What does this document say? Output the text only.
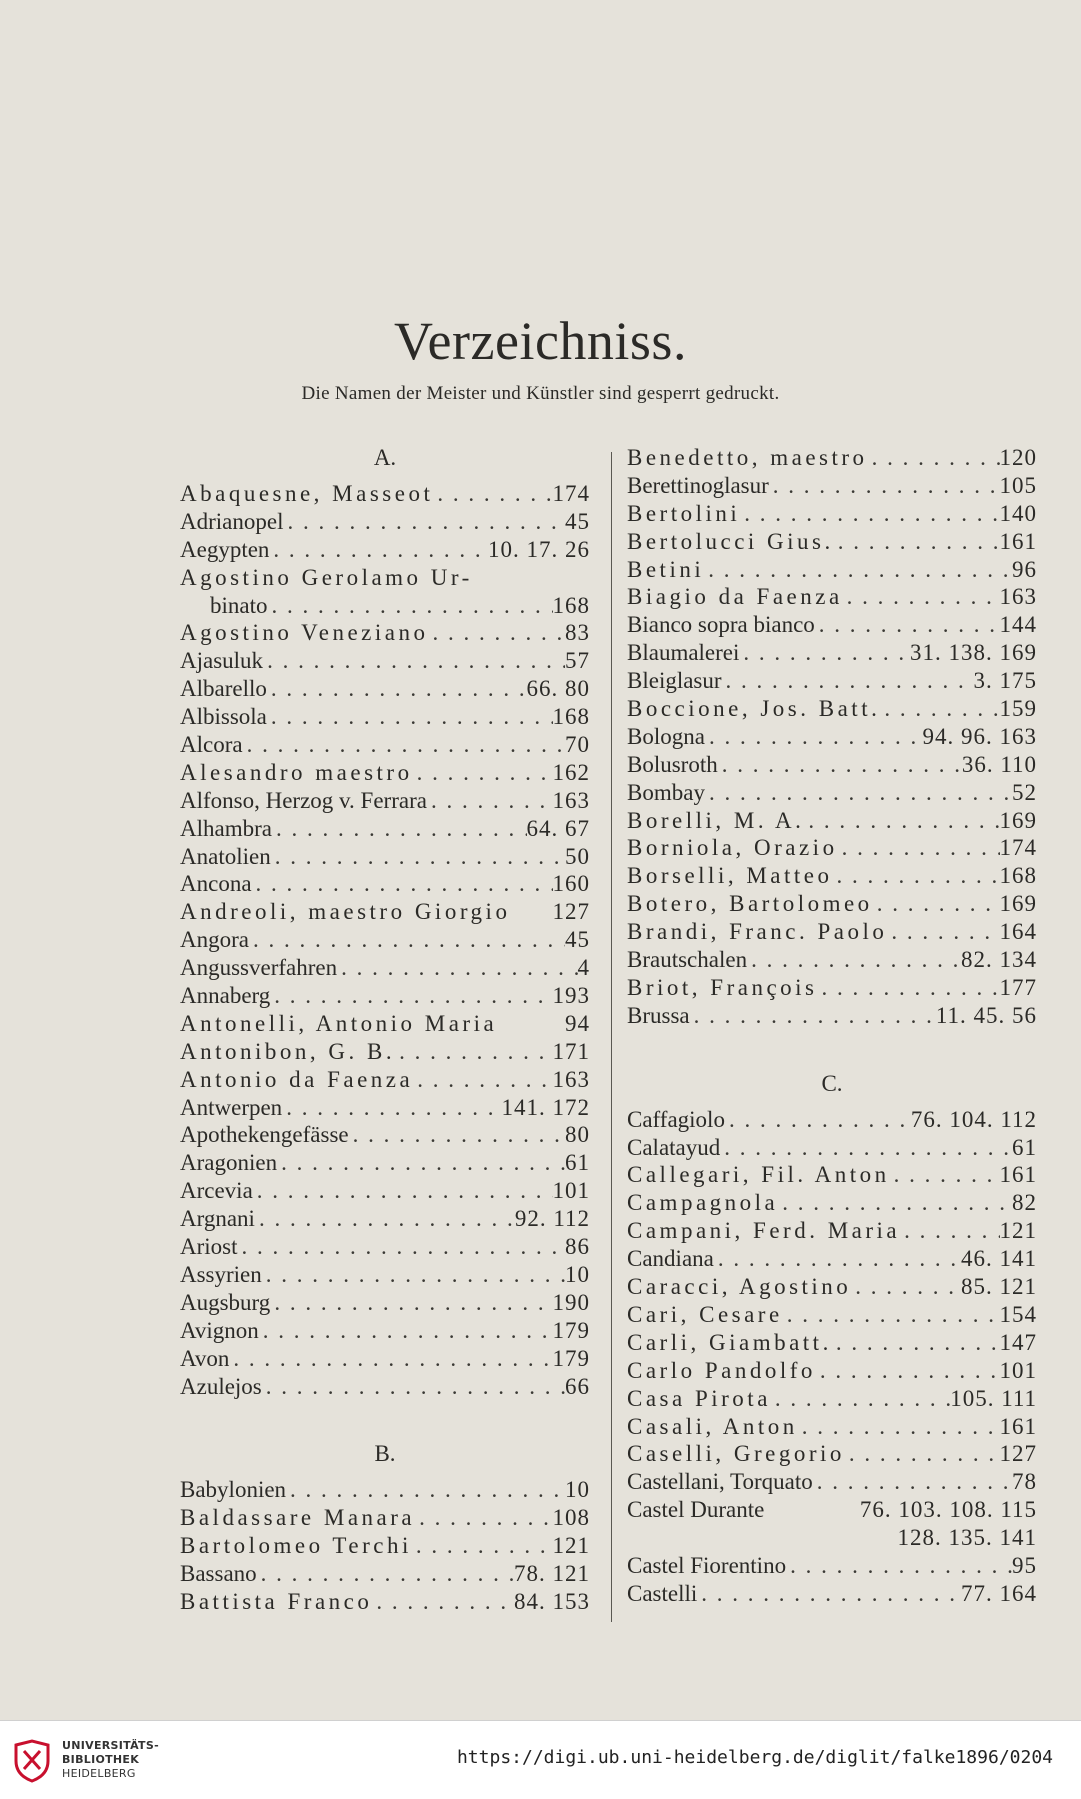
Verzeichniss.
Die Namen der Meister und Künstler sind gesperrt gedruckt.
A.
Abaquesne, Masseot . . .	174
Adrianopel . . .	45
Aegypten . . .	10. 17. 26
Agostino Gerolamo Ur-
binato . . .	168
Agostino Veneziano . . .	83
Ajasuluk . . .	57
Albarello . . .	66. 80
Albissola . . .	168
Alcora . . .	70
Alesandro maestro . . .	162
Alfonso, Herzog v. Ferrara . . .	163
Alhambra . . .	64. 67
Anatolien . . .	50
Ancona . . .	160
Andreoli, maestro Giorgio 127
Angora . . .	45
Angussverfahren . . .	4
Annaberg . . .	193
Antonelli, Antonio Maria	94
Antonibon, G. B. . . .	171
Antonio da Faenza . . .	163
Antwerpen . . .	141. 172
Apothekengefässe . . .	80
Aragonien . . .	61
Arcevia . . .	101
Argnani . . .	92. 112
Ariost . . .	86
Assyrien . . .	10
Augsburg . . .	190
Avignon . . .	179
Avon . . .	179
Azulejos . . .	66
B.
Babylonien . . .	10
Baldassare Manara . . .	108
Bartolomeo Terchi . . .	121
Bassano . . .	78. 121
Battista Franco . . .	84. 153
Benedetto, maestro . . .	120
Berettinoglasur . . .	105
Bertolini . . .	140
Bertolucci Gius. . . .	161
Betini . . .	96
Biagio da Faenza . . .	163
Bianco sopra bianco . . .	144
Blaumalerei . . .	31. 138. 169
Bleiglasur . . .	3. 175
Boccione, Jos. Batt. . . .	159
Bologna . . .	94. 96. 163
Bolusroth . . .	36. 110
Bombay . . .	52
Borelli, M. A. . . .	169
Borniola, Orazio . . .	174
Borselli, Matteo . . .	168
Botero, Bartolomeo . . .	169
Brandi, Franc. Paolo . . .	164
Brautschalen . . .	82. 134
Briot, François . . .	177
Brussa . . .	11. 45. 56
C.
Caffagiolo . . .	76. 104. 112
Calatayud . . .	61
Callegari, Fil. Anton . . .	161
Campagnola . . .	82
Campani, Ferd. Maria . . .	121
Candiana . . .	46. 141
Caracci, Agostino . . .	85. 121
Cari, Cesare . . .	154
Carli, Giambatt. . . .	147
Carlo Pandolfo . . .	101
Casa Pirota . . .	105. 111
Casali, Anton . . .	161
Caselli, Gregorio . . .	127
Castellani, Torquato . . .	78
Castel Durante	76. 103. 108. 115
128. 135. 141
Castel Fiorentino . . .	95
Castelli . . .	77. 164
UNIVERSITÄTS-
BIBLIOTHEK
HEIDELBERG
https://digi.ub.uni-heidelberg.de/diglit/falke1896/0204
